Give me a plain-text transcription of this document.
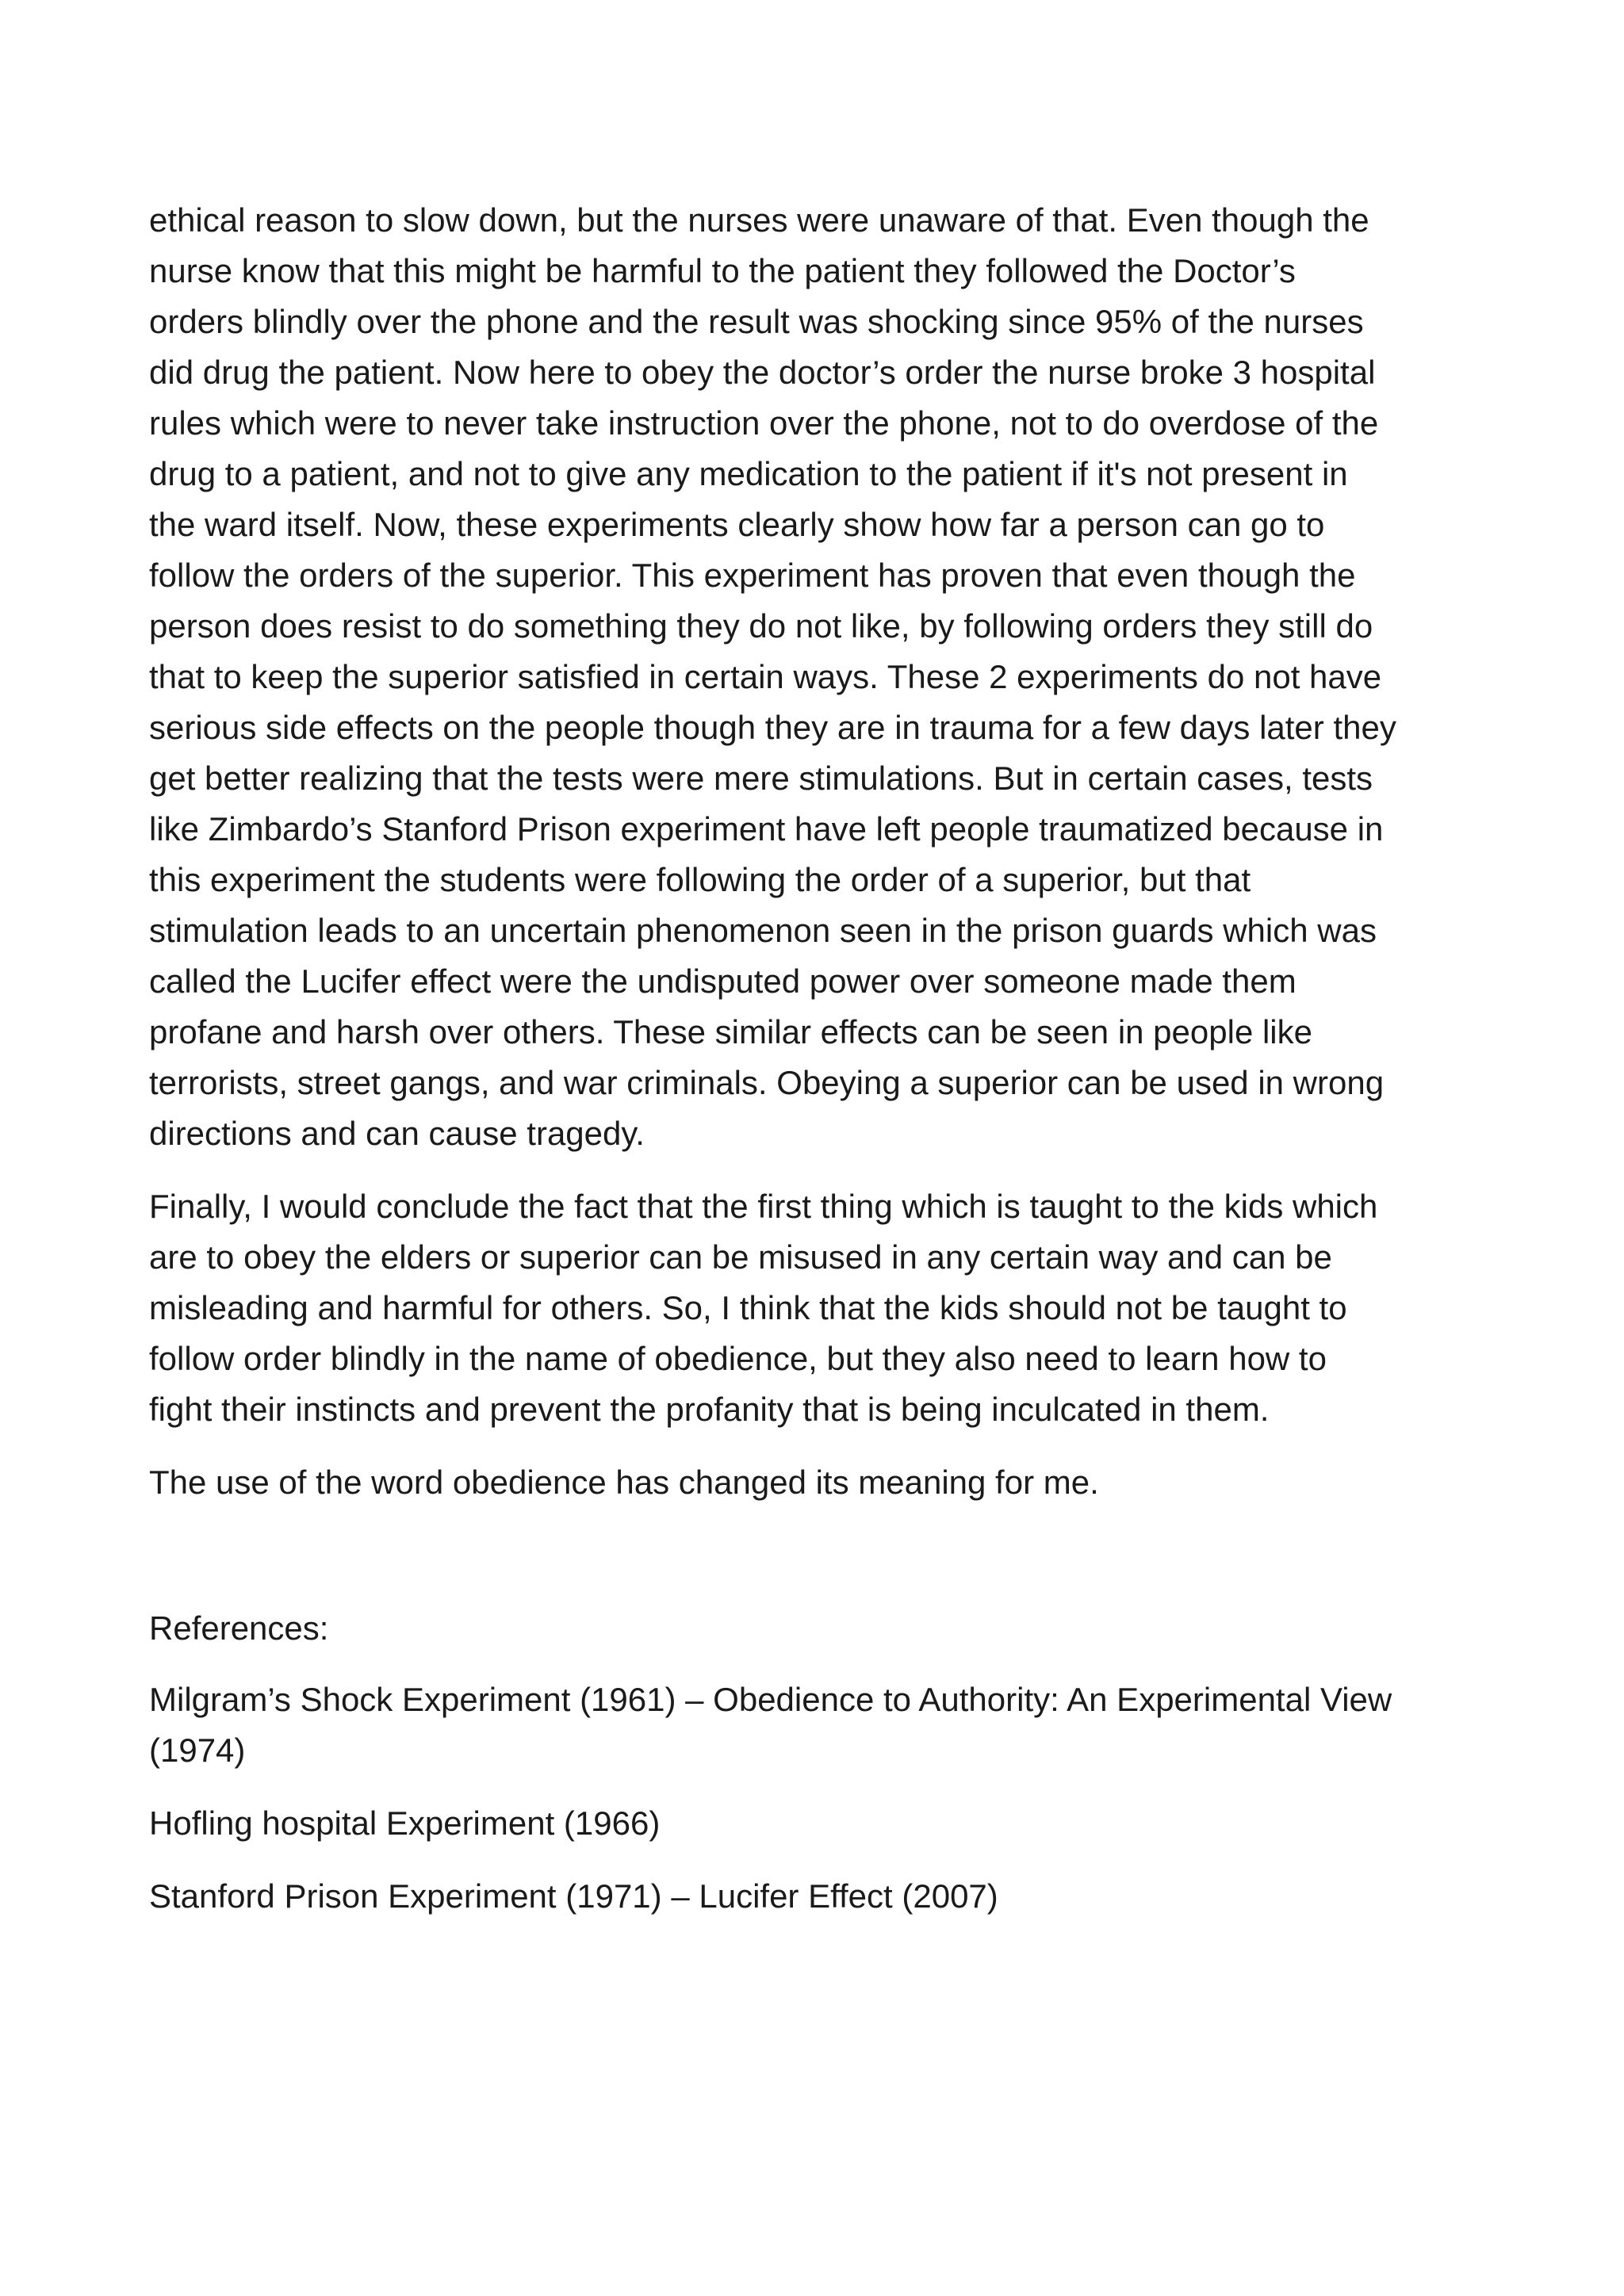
ethical reason to slow down, but the nurses were unaware of that. Even though the
nurse know that this might be harmful to the patient they followed the Doctor’s
orders blindly over the phone and the result was shocking since 95% of the nurses
did drug the patient. Now here to obey the doctor’s order the nurse broke 3 hospital
rules which were to never take instruction over the phone, not to do overdose of the
drug to a patient, and not to give any medication to the patient if it's not present in
the ward itself. Now, these experiments clearly show how far a person can go to
follow the orders of the superior. This experiment has proven that even though the
person does resist to do something they do not like, by following orders they still do
that to keep the superior satisfied in certain ways. These 2 experiments do not have
serious side effects on the people though they are in trauma for a few days later they
get better realizing that the tests were mere stimulations. But in certain cases, tests
like Zimbardo’s Stanford Prison experiment have left people traumatized because in
this experiment the students were following the order of a superior, but that
stimulation leads to an uncertain phenomenon seen in the prison guards which was
called the Lucifer effect were the undisputed power over someone made them
profane and harsh over others. These similar effects can be seen in people like
terrorists, street gangs, and war criminals. Obeying a superior can be used in wrong
directions and can cause tragedy.

Finally, I would conclude the fact that the first thing which is taught to the kids which
are to obey the elders or superior can be misused in any certain way and can be
misleading and harmful for others. So, I think that the kids should not be taught to
follow order blindly in the name of obedience, but they also need to learn how to
fight their instincts and prevent the profanity that is being inculcated in them.

The use of the word obedience has changed its meaning for me.

References:

Milgram’s Shock Experiment (1961) – Obedience to Authority: An Experimental View
(1974)

Hofling hospital Experiment (1966)

Stanford Prison Experiment (1971) – Lucifer Effect (2007)
